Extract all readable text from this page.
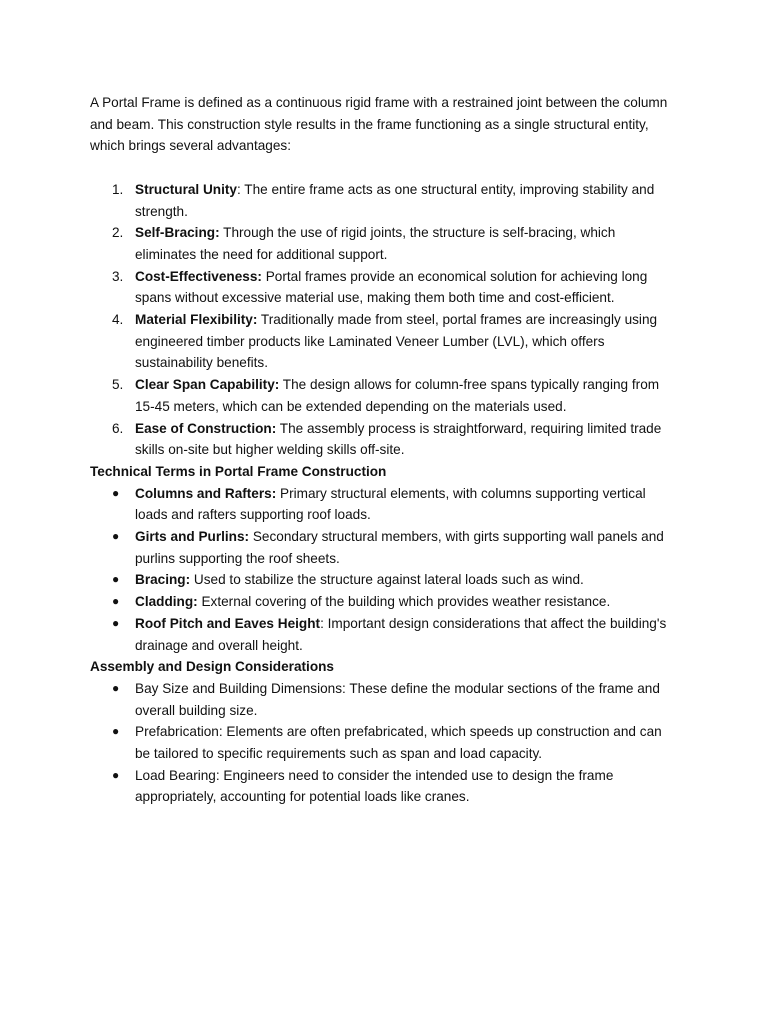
A Portal Frame is defined as a continuous rigid frame with a restrained joint between the column and beam. This construction style results in the frame functioning as a single structural entity, which brings several advantages:

1. Structural Unity: The entire frame acts as one structural entity, improving stability and strength.
2. Self-Bracing: Through the use of rigid joints, the structure is self-bracing, which eliminates the need for additional support.
3. Cost-Effectiveness: Portal frames provide an economical solution for achieving long spans without excessive material use, making them both time and cost-efficient.
4. Material Flexibility: Traditionally made from steel, portal frames are increasingly using engineered timber products like Laminated Veneer Lumber (LVL), which offers sustainability benefits.
5. Clear Span Capability: The design allows for column-free spans typically ranging from 15-45 meters, which can be extended depending on the materials used.
6. Ease of Construction: The assembly process is straightforward, requiring limited trade skills on-site but higher welding skills off-site.
Technical Terms in Portal Frame Construction
● Columns and Rafters: Primary structural elements, with columns supporting vertical loads and rafters supporting roof loads.
● Girts and Purlins: Secondary structural members, with girts supporting wall panels and purlins supporting the roof sheets.
● Bracing: Used to stabilize the structure against lateral loads such as wind.
● Cladding: External covering of the building which provides weather resistance.
● Roof Pitch and Eaves Height: Important design considerations that affect the building's drainage and overall height.
Assembly and Design Considerations
● Bay Size and Building Dimensions: These define the modular sections of the frame and overall building size.
● Prefabrication: Elements are often prefabricated, which speeds up construction and can be tailored to specific requirements such as span and load capacity.
● Load Bearing: Engineers need to consider the intended use to design the frame appropriately, accounting for potential loads like cranes.
